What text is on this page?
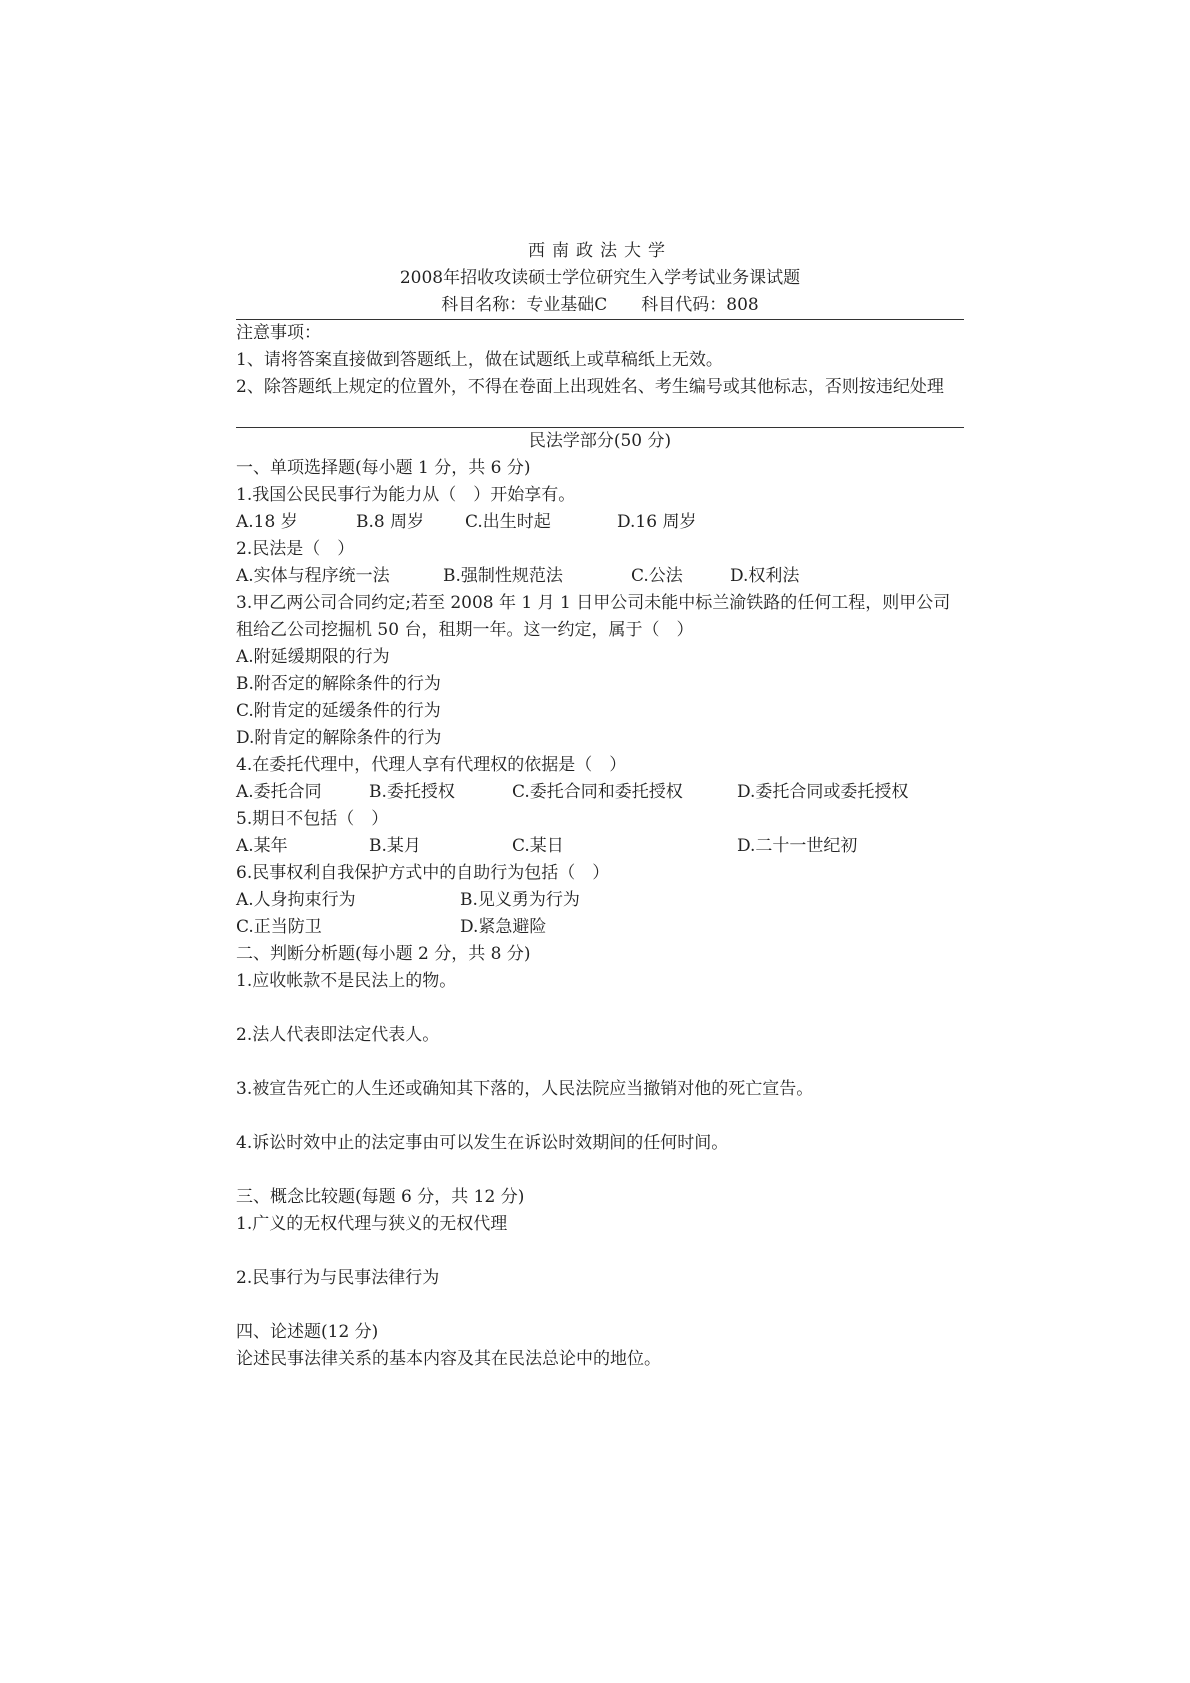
西南政法大学
2008年招收攻读硕士学位研究生入学考试业务课试题
科目名称：专业基础C　　科目代码：808
注意事项：
1、请将答案直接做到答题纸上，做在试题纸上或草稿纸上无效。
2、除答题纸上规定的位置外，不得在卷面上出现姓名、考生编号或其他标志，否则按违纪处理
民法学部分(50 分)
一、单项选择题(每小题 1 分，共 6 分)
1.我国公民民事行为能力从（　）开始享有。
A.18 岁	B.8 周岁 C.出生时起	D.16 周岁
2.民法是（　）
A.实体与程序统一法	B.强制性规范法	C.公法	D.权利法
3.甲乙两公司合同约定;若至 2008 年 1 月 1 日甲公司未能中标兰渝铁路的任何工程，则甲公司租给乙公司挖掘机 50 台，租期一年。这一约定，属于（　）
A.附延缓期限的行为
B.附否定的解除条件的行为
C.附肯定的延缓条件的行为
D.附肯定的解除条件的行为
4.在委托代理中，代理人享有代理权的依据是（　）
A.委托合同	B.委托授权	C.委托合同和委托授权	D.委托合同或委托授权
5.期日不包括（　）
A.某年	B.某月	C.某日	D.二十一世纪初
6.民事权利自我保护方式中的自助行为包括（　）
A.人身拘束行为	B.见义勇为行为
C.正当防卫	D.紧急避险
二、判断分析题(每小题 2 分，共 8 分)
1.应收帐款不是民法上的物。
2.法人代表即法定代表人。
3.被宣告死亡的人生还或确知其下落的，人民法院应当撤销对他的死亡宣告。
4.诉讼时效中止的法定事由可以发生在诉讼时效期间的任何时间。
三、概念比较题(每题 6 分，共 12 分)
1.广义的无权代理与狭义的无权代理
2.民事行为与民事法律行为
四、论述题(12 分)
论述民事法律关系的基本内容及其在民法总论中的地位。
